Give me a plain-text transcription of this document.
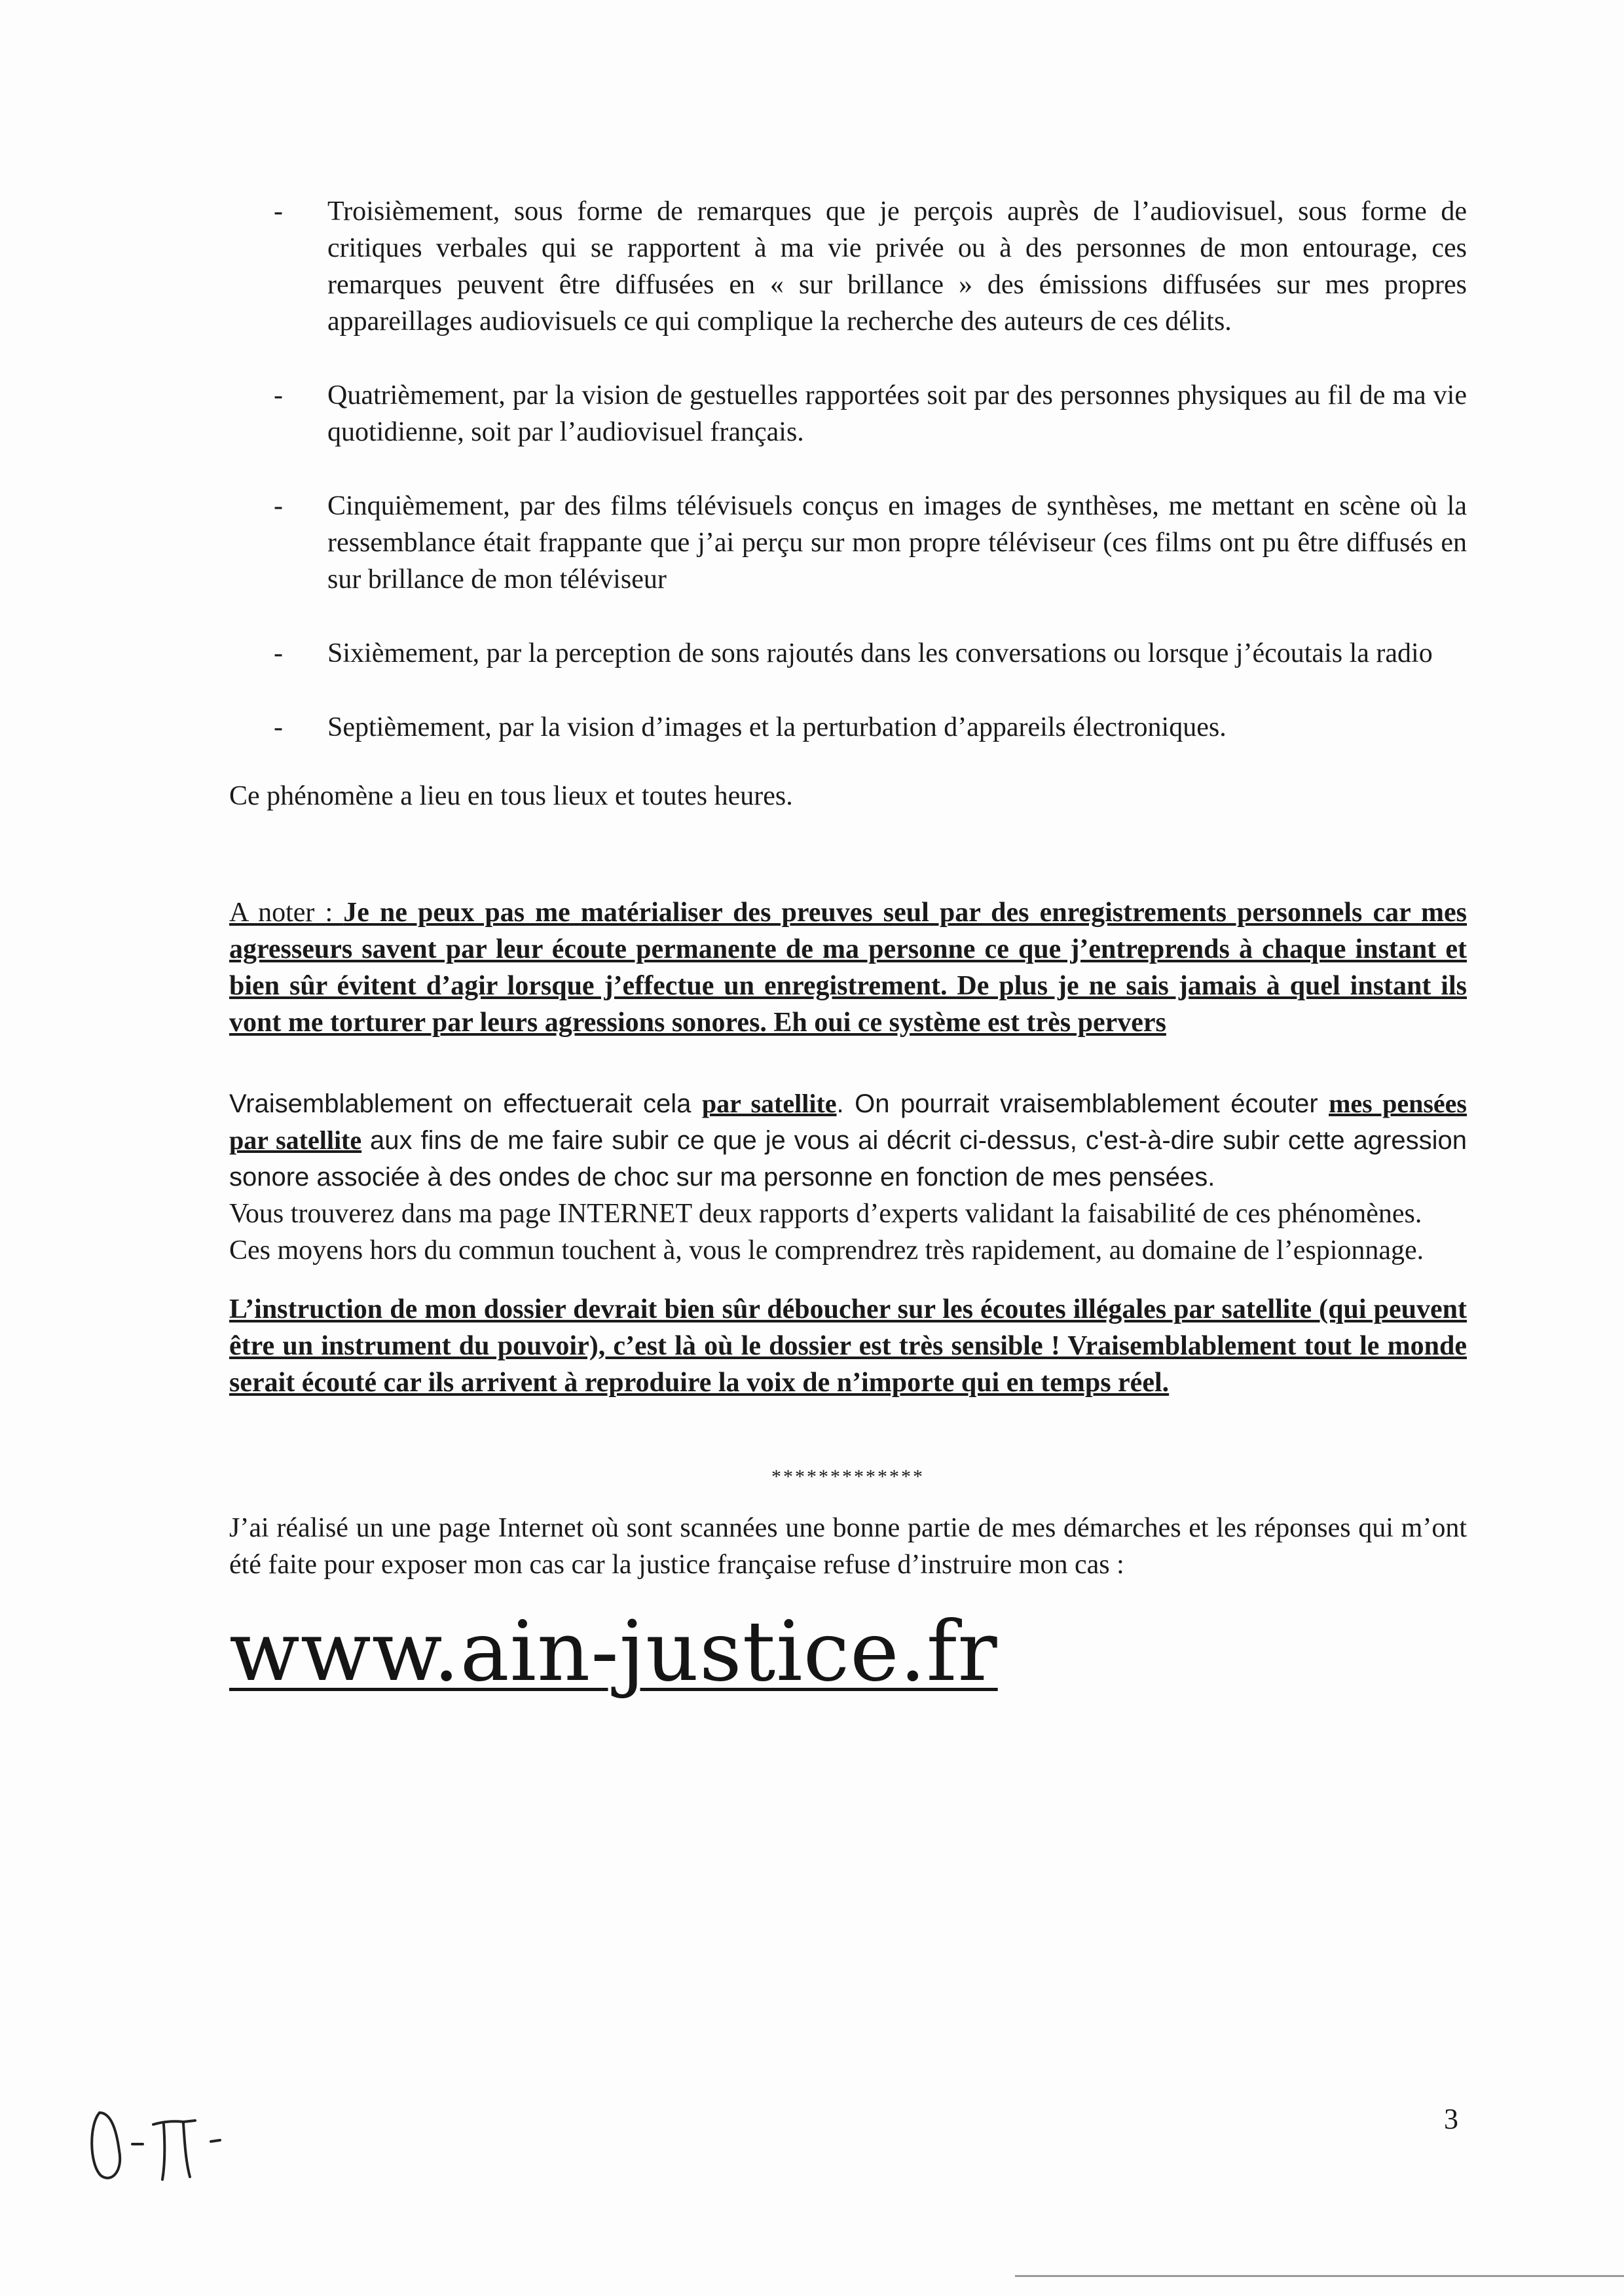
- Troisièmement, sous forme de remarques que je perçois auprès de l’audiovisuel, sous forme de critiques verbales qui se rapportent à ma vie privée ou à des personnes de mon entourage, ces remarques peuvent être diffusées en « sur brillance » des émissions diffusées sur mes propres appareillages audiovisuels ce qui complique la recherche des auteurs de ces délits.
- Quatrièmement, par la vision de gestuelles rapportées soit par des personnes physiques au fil de ma vie quotidienne, soit par l’audiovisuel français.
- Cinquièmement, par des films télévisuels conçus en images de synthèses, me mettant en scène où la ressemblance était frappante que j’ai perçu sur mon propre téléviseur (ces films ont pu être diffusés en sur brillance de mon téléviseur
- Sixièmement, par la perception de sons rajoutés dans les conversations ou lorsque j’écoutais la radio
- Septièmement, par la vision d’images et la perturbation d’appareils électroniques.

Ce phénomène a lieu en tous lieux et toutes heures.

A noter : Je ne peux pas me matérialiser des preuves seul par des enregistrements personnels car mes agresseurs savent par leur écoute permanente de ma personne ce que j’entreprends à chaque instant et bien sûr évitent d’agir lorsque j’effectue un enregistrement. De plus je ne sais jamais à quel instant ils vont me torturer par leurs agressions sonores. Eh oui ce système est très pervers

Vraisemblablement on effectuerait cela par satellite. On pourrait vraisemblablement écouter mes pensées par satellite aux fins de me faire subir ce que je vous ai décrit ci-dessus, c'est-à-dire subir cette agression sonore associée à des ondes de choc sur ma personne en fonction de mes pensées.

Vous trouverez dans ma page INTERNET deux rapports d’experts validant la faisabilité de ces phénomènes.

Ces moyens hors du commun touchent à, vous le comprendrez très rapidement, au domaine de l’espionnage.

L’instruction de mon dossier devrait bien sûr déboucher sur les écoutes illégales par satellite (qui peuvent être un instrument du pouvoir), c’est là où le dossier est très sensible ! Vraisemblablement tout le monde serait écouté car ils arrivent à reproduire la voix de n’importe qui en temps réel.

*************

J’ai réalisé un une page Internet où sont scannées une bonne partie de mes démarches et les réponses qui m’ont été faite pour exposer mon cas car la justice française refuse d’instruire mon cas :

www.ain-justice.fr
3
